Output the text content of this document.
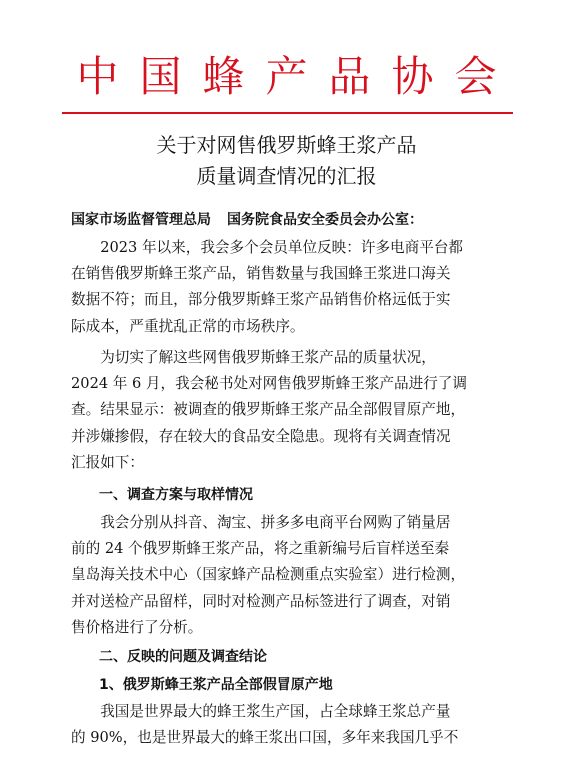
中国蜂产品协会
关于对网售俄罗斯蜂王浆产品
质量调查情况的汇报
国家市场监督管理总局 国务院食品安全委员会办公室：

2023 年以来，我会多个会员单位反映：许多电商平台都
在销售俄罗斯蜂王浆产品，销售数量与我国蜂王浆进口海关
数据不符；而且，部分俄罗斯蜂王浆产品销售价格远低于实
际成本，严重扰乱正常的市场秩序。

为切实了解这些网售俄罗斯蜂王浆产品的质量状况，
2024 年 6 月，我会秘书处对网售俄罗斯蜂王浆产品进行了调
查。结果显示：被调查的俄罗斯蜂王浆产品全部假冒原产地，
并涉嫌掺假，存在较大的食品安全隐患。现将有关调查情况
汇报如下：

一、调查方案与取样情况

我会分别从抖音、淘宝、拼多多电商平台网购了销量居
前的 24 个俄罗斯蜂王浆产品，将之重新编号后盲样送至秦
皇岛海关技术中心（国家蜂产品检测重点实验室）进行检测，
并对送检产品留样，同时对检测产品标签进行了调查，对销
售价格进行了分析。

二、反映的问题及调查结论
1、俄罗斯蜂王浆产品全部假冒原产地

我国是世界最大的蜂王浆生产国，占全球蜂王浆总产量
的 90%，也是世界最大的蜂王浆出口国，多年来我国几乎不
